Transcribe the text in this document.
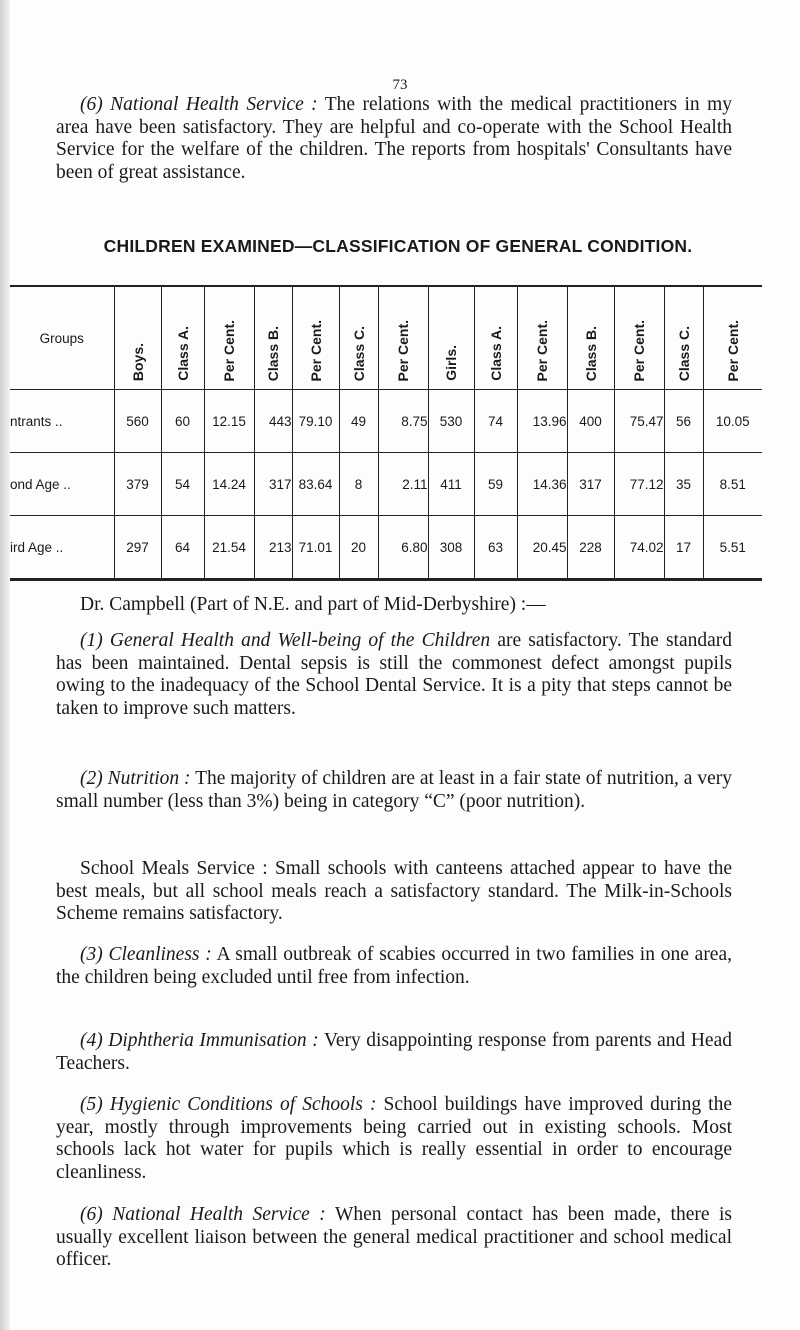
73

(6) National Health Service : The relations with the medical practitioners in my area have been satisfactory. They are helpful and co-operate with the School Health Service for the welfare of the children. The reports from hospitals' Consultants have been of great assistance.

CHILDREN EXAMINED—CLASSIFICATION OF GENERAL CONDITION.
Groups	Boys.	Class A.	Per Cent.	Class B.	Per Cent.	Class C.	Per Cent.	Girls.	Class A.	Per Cent.	Class B.	Per Cent.	Class C.	Per Cent.

ntrants ..	560	60	12.15	443	79.10	49	8.75	530	74	13.96	400	75.47	56	10.05
ond Age ..	379	54	14.24	317	83.64	8	2.11	411	59	14.36	317	77.12	35	8.51
ird Age ..	297	64	21.54	213	71.01	20	6.80	308	63	20.45	228	74.02	17	5.51

Dr. Campbell (Part of N.E. and part of Mid-Derbyshire) :—

(1) General Health and Well-being of the Children are satisfactory. The standard has been maintained. Dental sepsis is still the commonest defect amongst pupils owing to the inadequacy of the School Dental Service. It is a pity that steps cannot be taken to improve such matters.

(2) Nutrition : The majority of children are at least in a fair state of nutrition, a very small number (less than 3%) being in category “C” (poor nutrition).

School Meals Service : Small schools with canteens attached appear to have the best meals, but all school meals reach a satisfactory standard. The Milk-in-Schools Scheme remains satisfactory.

(3) Cleanliness : A small outbreak of scabies occurred in two families in one area, the children being excluded until free from infection.

(4) Diphtheria Immunisation : Very disappointing response from parents and Head Teachers.

(5) Hygienic Conditions of Schools : School buildings have improved during the year, mostly through improvements being carried out in existing schools. Most schools lack hot water for pupils which is really essential in order to encourage cleanliness.

(6) National Health Service : When personal contact has been made, there is usually excellent liaison between the general medical practitioner and school medical officer.
